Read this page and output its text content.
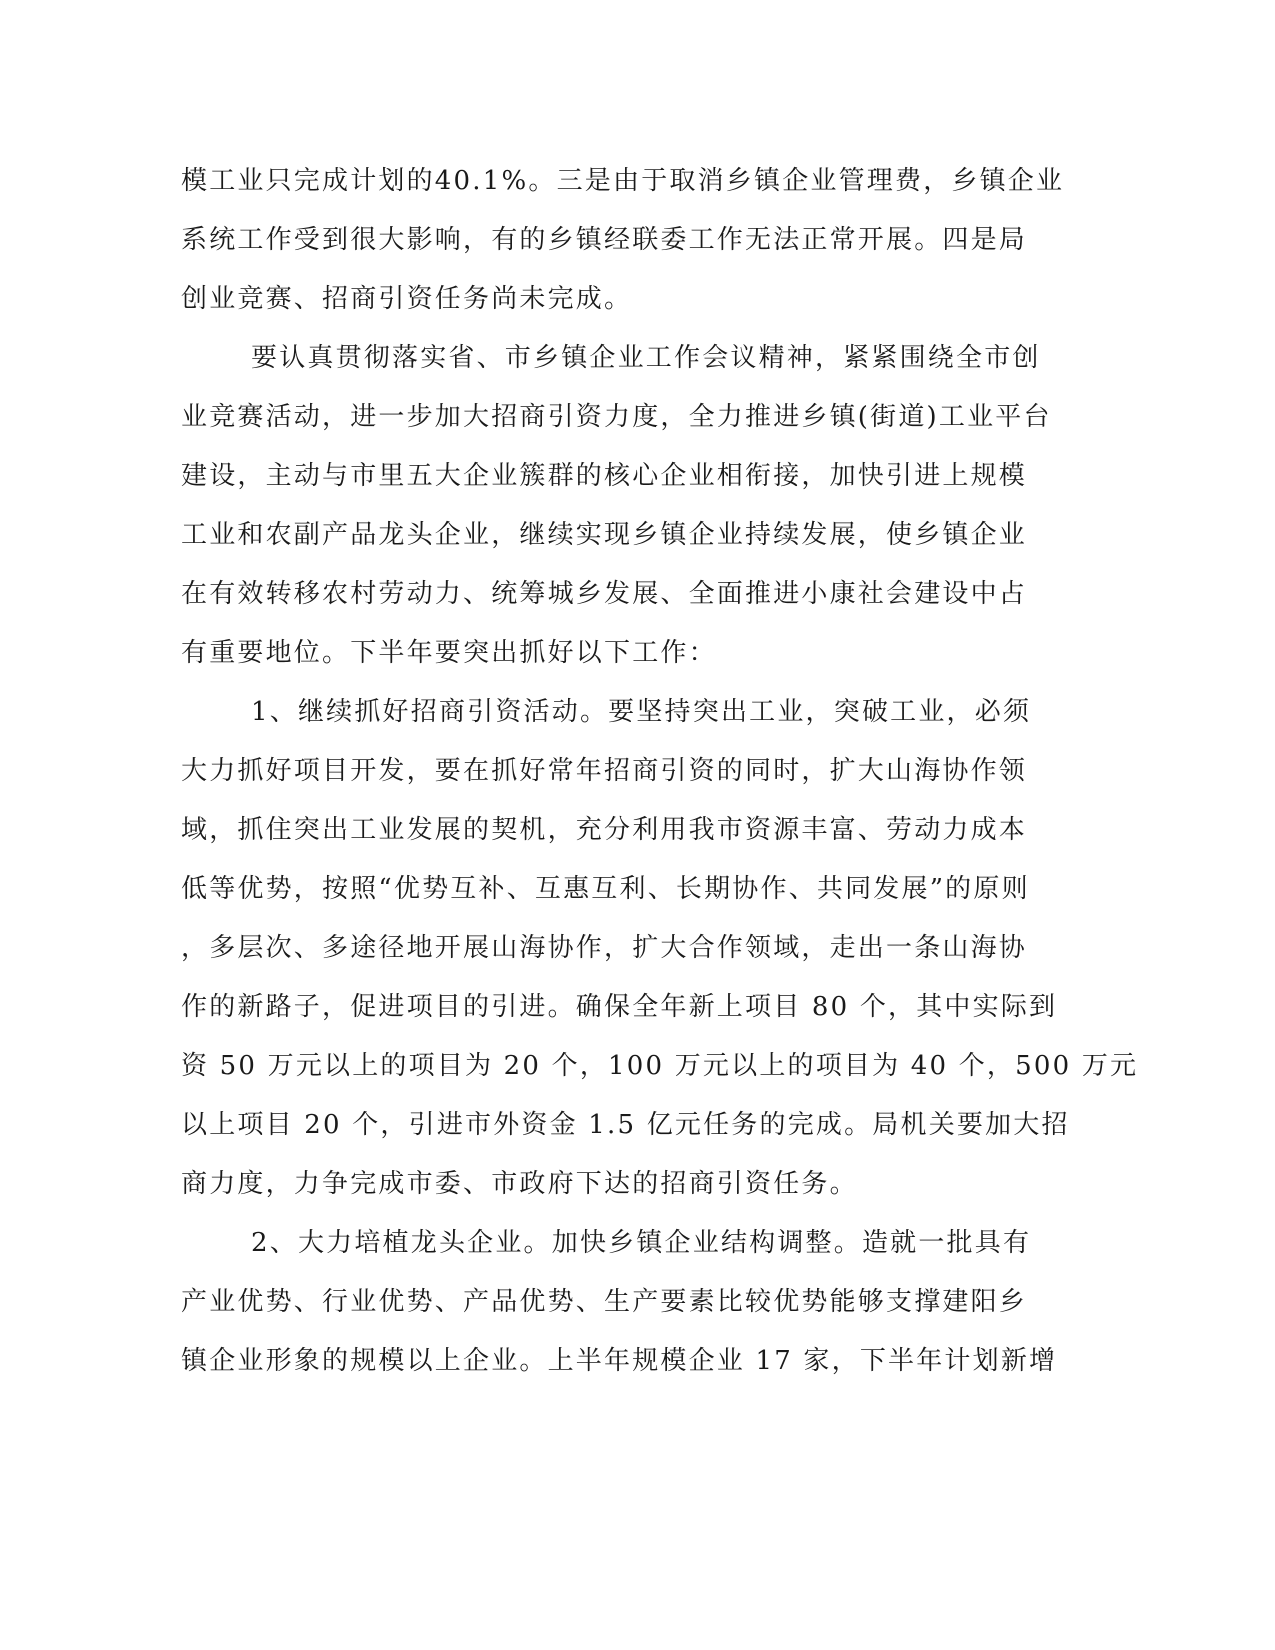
模工业只完成计划的40.1%。三是由于取消乡镇企业管理费，乡镇企业
系统工作受到很大影响，有的乡镇经联委工作无法正常开展。四是局
创业竞赛、招商引资任务尚未完成。
要认真贯彻落实省、市乡镇企业工作会议精神，紧紧围绕全市创
业竞赛活动，进一步加大招商引资力度，全力推进乡镇(街道)工业平台
建设，主动与市里五大企业簇群的核心企业相衔接，加快引进上规模
工业和农副产品龙头企业，继续实现乡镇企业持续发展，使乡镇企业
在有效转移农村劳动力、统筹城乡发展、全面推进小康社会建设中占
有重要地位。下半年要突出抓好以下工作：
1、继续抓好招商引资活动。要坚持突出工业，突破工业，必须
大力抓好项目开发，要在抓好常年招商引资的同时，扩大山海协作领
域，抓住突出工业发展的契机，充分利用我市资源丰富、劳动力成本
低等优势，按照“优势互补、互惠互利、长期协作、共同发展”的原则
，多层次、多途径地开展山海协作，扩大合作领域，走出一条山海协
作的新路子，促进项目的引进。确保全年新上项目 80 个，其中实际到
资 50 万元以上的项目为 20 个，100 万元以上的项目为 40 个，500 万元
以上项目 20 个，引进市外资金 1.5 亿元任务的完成。局机关要加大招
商力度，力争完成市委、市政府下达的招商引资任务。
2、大力培植龙头企业。加快乡镇企业结构调整。造就一批具有
产业优势、行业优势、产品优势、生产要素比较优势能够支撑建阳乡
镇企业形象的规模以上企业。上半年规模企业 17 家，下半年计划新增
